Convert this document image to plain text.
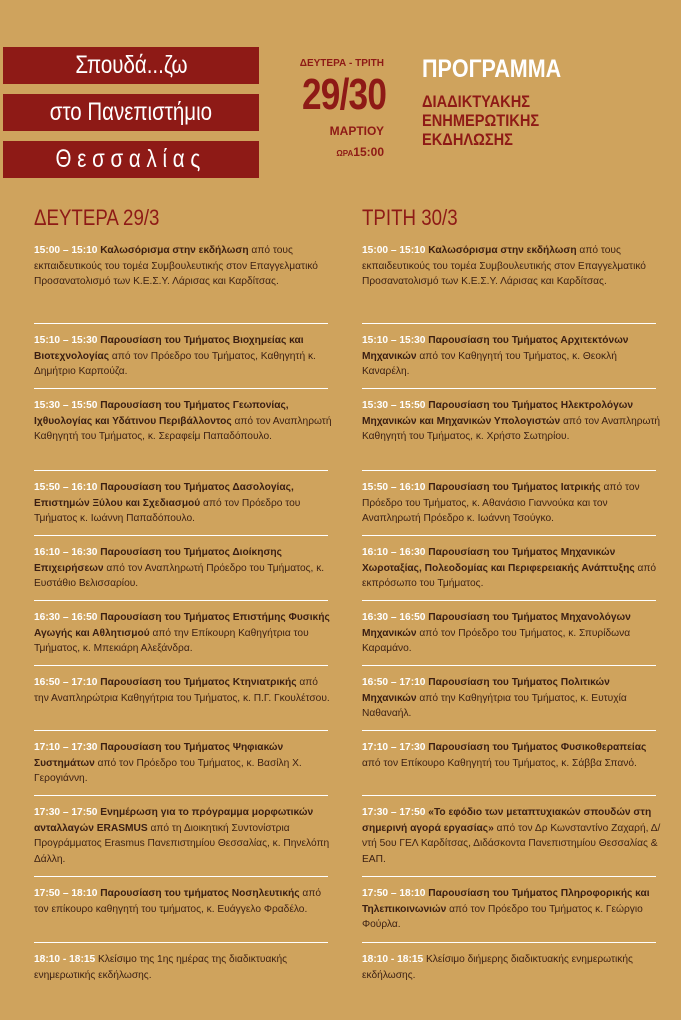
Σπουδά...ζω
στο Πανεπιστήμιο
Θεσσαλίας
ΔΕΥΤΕΡΑ - ΤΡΙΤΗ
29/30
ΜΑΡΤΙΟΥ
ΩΡΑ15:00
ΠΡΟΓΡΑΜΜΑ
ΔΙΑΔΙΚΤΥΑΚΗΣ
ΕΝΗΜΕΡΩΤΙΚΗΣ
ΕΚΔΗΛΩΣΗΣ
ΔΕΥΤΕΡΑ 29/3	ΤΡΙΤΗ 30/3
15:00 – 15:10 Καλωσόρισμα στην εκδήλωση από τους εκπαιδευτικούς του τομέα Συμβουλευτικής στον Επαγγελματικό Προσανατολισμό των Κ.Ε.Σ.Υ. Λάρισας και Καρδίτσας.
15:10 – 15:30 Παρουσίαση του Τμήματος Βιοχημείας και Βιοτεχνολογίας από τον Πρόεδρο του Τμήματος, Καθηγητή κ. Δημήτριο Καρπούζα.
15:30 – 15:50 Παρουσίαση του Τμήματος Γεωπονίας, Ιχθυολογίας και Υδάτινου Περιβάλλοντος από τον Αναπληρωτή Καθηγητή του Τμήματος, κ. Σεραφείμ Παπαδόπουλο.
15:50 – 16:10 Παρουσίαση του Τμήματος Δασολογίας, Επιστημών Ξύλου και Σχεδιασμού από τον Πρόεδρο του Τμήματος κ. Ιωάννη Παπαδόπουλο.
16:10 – 16:30 Παρουσίαση του Τμήματος Διοίκησης Επιχειρήσεων από τον Αναπληρωτή Πρόεδρο του Τμήματος, κ. Ευστάθιο Βελισσαρίου.
16:30 – 16:50 Παρουσίαση του Τμήματος Επιστήμης Φυσικής Αγωγής και Αθλητισμού από την Επίκουρη Καθηγήτρια του Τμήματος, κ. Μπεκιάρη Αλεξάνδρα.
16:50 – 17:10 Παρουσίαση του Τμήματος Κτηνιατρικής από την Αναπληρώτρια Καθηγήτρια του Τμήματος, κ. Π.Γ. Γκουλέτσου.
17:10 – 17:30 Παρουσίαση του Τμήματος Ψηφιακών Συστημάτων από τον Πρόεδρο του Τμήματος, κ. Βασίλη Χ. Γερογιάννη.
17:30 – 17:50 Ενημέρωση για το πρόγραμμα μορφωτικών ανταλλαγών ERASMUS από τη Διοικητική Συντονίστρια Προγράμματος Erasmus Πανεπιστημίου Θεσσαλίας, κ. Πηνελόπη Δάλλη.
17:50 – 18:10 Παρουσίαση του τμήματος Νοσηλευτικής από τον επίκουρο καθηγητή του τμήματος, κ. Ευάγγελο Φραδέλο.
18:10 - 18:15 Κλείσιμο της 1ης ημέρας της διαδικτυακής ενημερωτικής εκδήλωσης.
15:00 – 15:10 Καλωσόρισμα στην εκδήλωση από τους εκπαιδευτικούς του τομέα Συμβουλευτικής στον Επαγγελματικό Προσανατολισμό των Κ.Ε.Σ.Υ. Λάρισας και Καρδίτσας.
15:10 – 15:30 Παρουσίαση του Τμήματος Αρχιτεκτόνων Μηχανικών από τον Καθηγητή του Τμήματος, κ. Θεοκλή Καναρέλη.
15:30 – 15:50 Παρουσίαση του Τμήματος Ηλεκτρολόγων Μηχανικών και Μηχανικών Υπολογιστών από τον Αναπληρωτή Καθηγητή του Τμήματος, κ. Χρήστο Σωτηρίου.
15:50 – 16:10 Παρουσίαση του Τμήματος Ιατρικής από τον Πρόεδρο του Τμήματος, κ. Αθανάσιο Γιαννούκα και τον Αναπληρωτή Πρόεδρο κ. Ιωάννη Τσούγκο.
16:10 – 16:30 Παρουσίαση του Τμήματος Μηχανικών Χωροταξίας, Πολεοδομίας και Περιφερειακής Ανάπτυξης από εκπρόσωπο του Τμήματος.
16:30 – 16:50 Παρουσίαση του Τμήματος Μηχανολόγων Μηχανικών από τον Πρόεδρο του Τμήματος, κ. Σπυρίδωνα Καραμάνο.
16:50 – 17:10 Παρουσίαση του Τμήματος Πολιτικών Μηχανικών από την Καθηγήτρια του Τμήματος, κ. Ευτυχία Ναθαναήλ.
17:10 – 17:30 Παρουσίαση του Τμήματος Φυσικοθεραπείας από τον Επίκουρο Καθηγητή του Τμήματος, κ. Σάββα Σπανό.
17:30 – 17:50 «Το εφόδιο των μεταπτυχιακών σπουδών στη σημερινή αγορά εργασίας» από τον Δρ Κωνσταντίνο Ζαχαρή, Δ/ντή 5ου ΓΕΛ Καρδίτσας, Διδάσκοντα Πανεπιστημίου Θεσσαλίας & ΕΑΠ.
17:50 – 18:10 Παρουσίαση του Τμήματος Πληροφορικής και Τηλεπικοινωνιών από τον Πρόεδρο του Τμήματος κ. Γεώργιο Φούρλα.
18:10 - 18:15 Κλείσιμο διήμερης διαδικτυακής ενημερωτικής εκδήλωσης.
